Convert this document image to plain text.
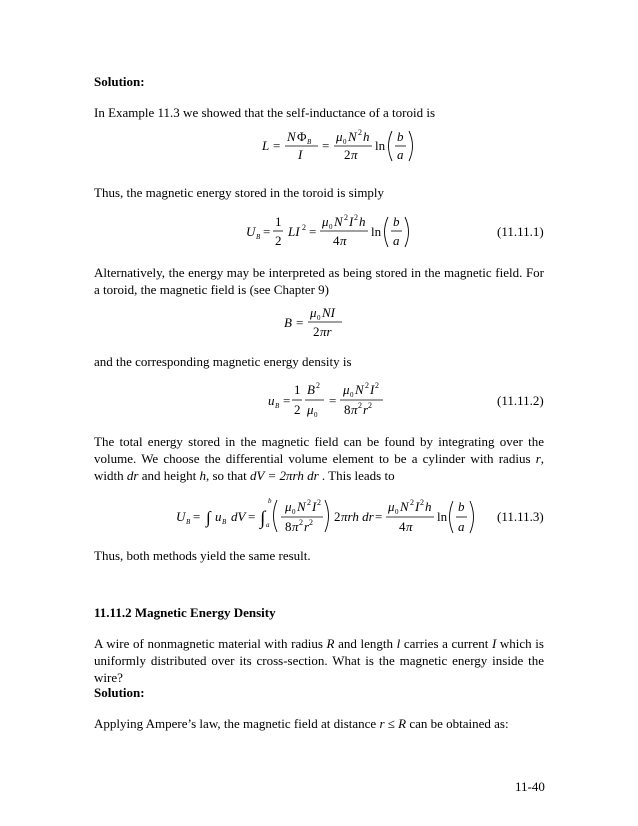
Solution:

In Example 11.3 we showed that the self-inductance of a toroid is

L =
N Φ B
I
=
μ 0 N 2 h
2 π
ln
b
a

Thus, the magnetic energy stored in the toroid is simply

U B =
1
2
LI 2 =
μ 0 N 2 I 2 h
4 π
ln
b
a
(11.11.1)

Alternatively, the energy may be interpreted as being stored in the magnetic field. For a toroid, the magnetic field is (see Chapter 9)

B =
μ 0 NI
2 πr

and the corresponding magnetic energy density is

u B =
1
2
B 2
μ 0
=
μ 0 N 2 I 2
8 π 2 r 2	(11.11.2)

The total energy stored in the magnetic field can be found by integrating over the volume. We choose the differential volume element to be a cylinder with radius r, width dr and height h, so that dV = 2πrh dr . This leads to

U B = ∫ u B dV = ∫
b
a
μ 0 N 2 I 2
8 π 2 r 2 2 πrh dr =
μ 0 N 2 I 2 h
4 π
ln
b
a
(11.11.3)

Thus, both methods yield the same result.

11.11.2 Magnetic Energy Density

A wire of nonmagnetic material with radius R and length l carries a current I which is uniformly distributed over its cross-section. What is the magnetic energy inside the wire?

Solution:

Applying Ampere’s law, the magnetic field at distance r ≤ R can be obtained as:

11-40
